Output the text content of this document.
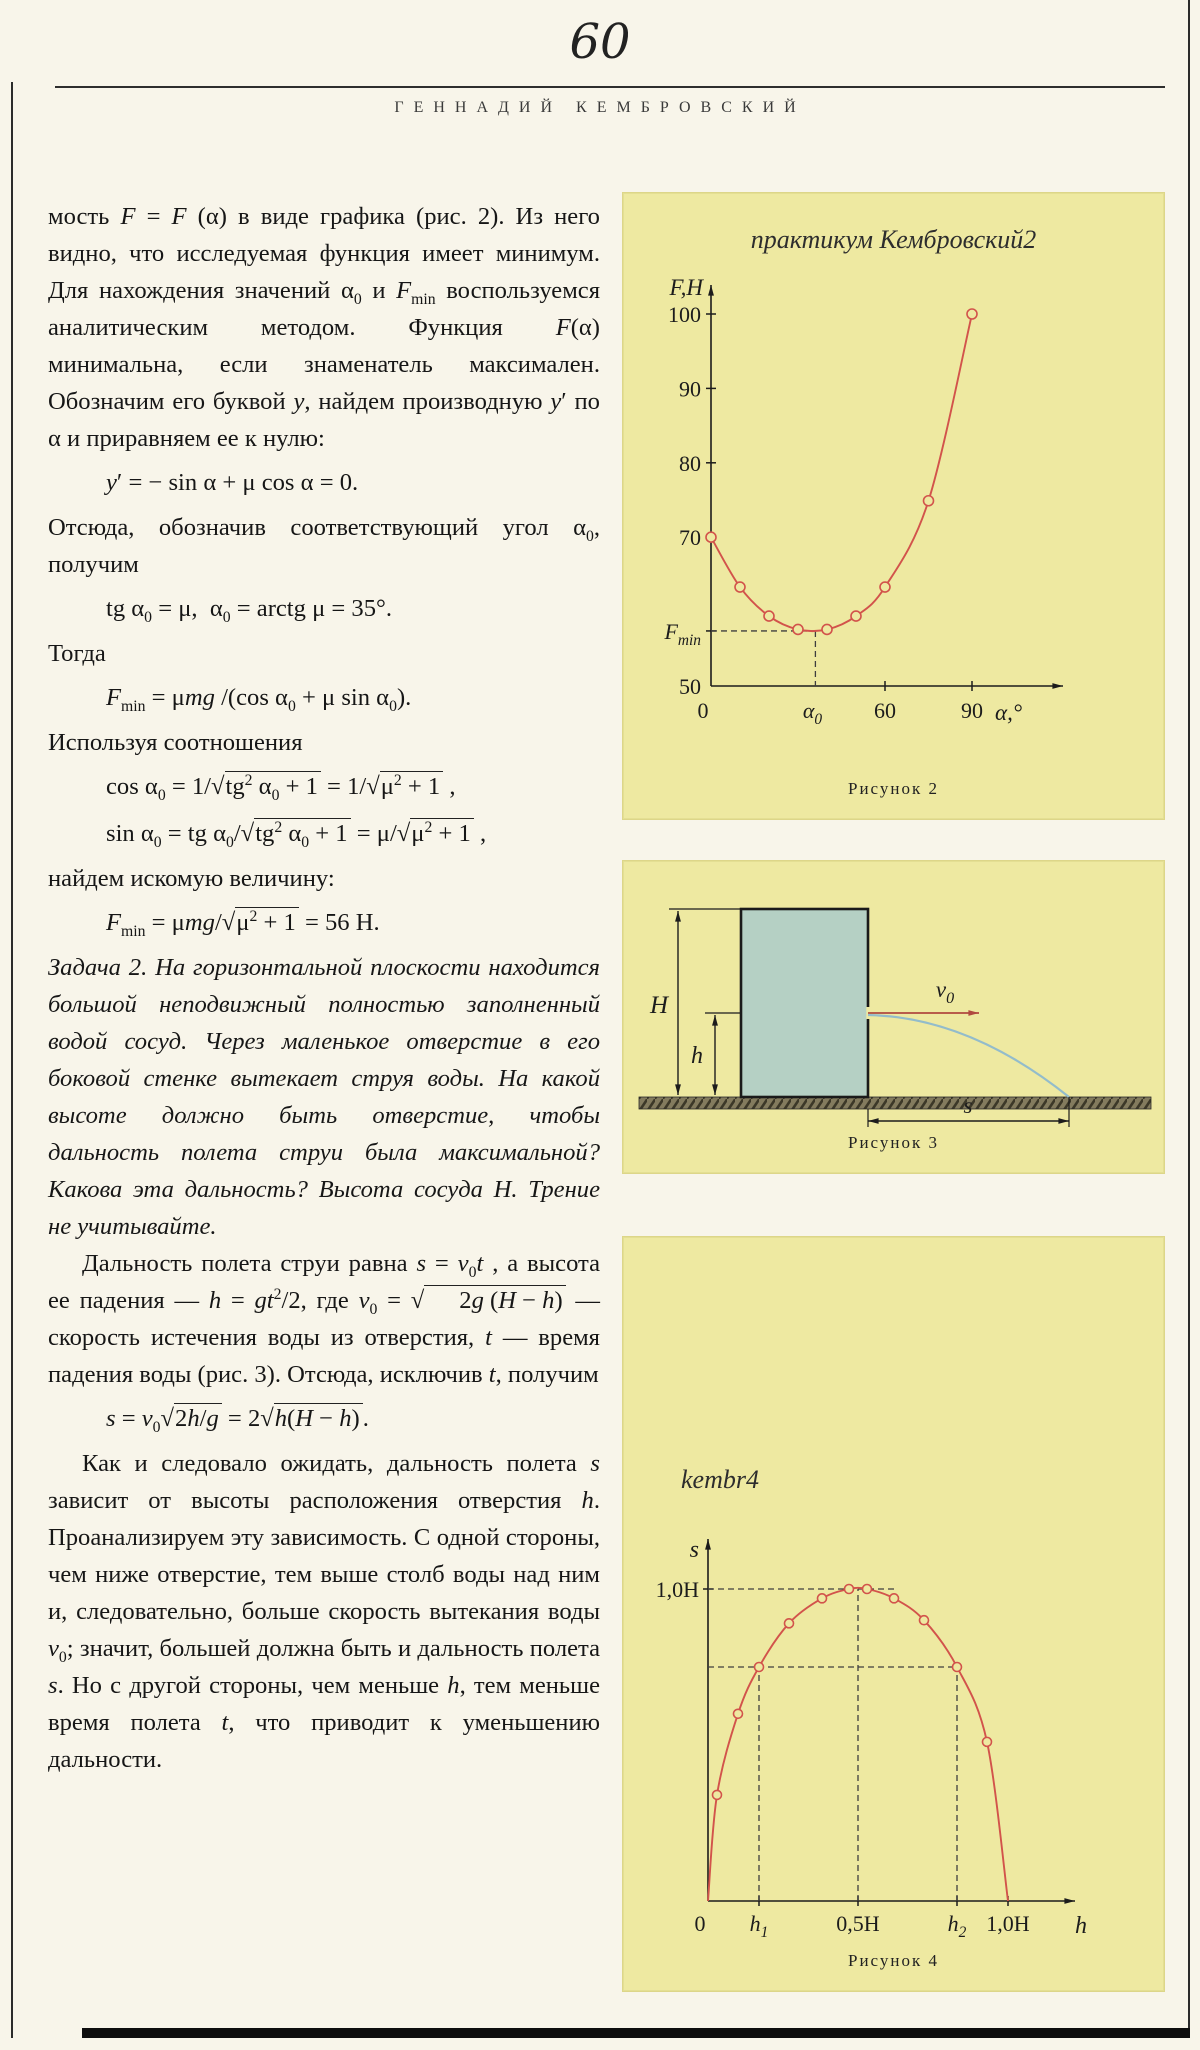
60
ГЕННАДИЙ КЕМБРОВСКИЙ

мость F = F (α) в виде графика (рис. 2). Из него видно, что исследуемая функция имеет минимум. Для нахождения значений $\alpha_0$ и $F_{min}$ воспользуемся аналитическим методом. Функция F(α) минимальна, если знаменатель максимален. Обозначим его буквой y, найдем производную y′ по α и приравняем ее к нулю:

y′ = − sin α + μ cos α = 0.

Отсюда, обозначив соответствующий угол $\alpha_0$, получим

tg $\alpha_0 = \mu$,  $\alpha_0$ = arctg μ = 35°.

Тогда

$F_{min} = \mu mg$ /(cos $\alpha_0 + \mu$ $\sin \alpha_0$).

Используя соотношения

$\cos \alpha_0 = 1/√tg^2$ $\alpha_0 + 1 = 1/√\mu^2 + 1$ ,

$\sin \alpha_0$ = tg $\alpha_0/√tg^2$ $\alpha_0 + 1 = \mu/√\mu^2 + 1$ ,

найдем искомую величину:

$F_{min} = \mu mg/√\mu^2 + 1 = 56$ Н.

Задача 2. На горизонтальной плоскости находится большой неподвижный полностью заполненный водой сосуд. Через маленькое отверстие в его боковой стенке вытекает струя воды. На какой высоте должно быть отверстие, чтобы дальность полета струи была максимальной? Какова эта дальность? Высота сосуда Н. Трение не учитывайте.

Дальность полета струи равна $s = v_0t$ , а высота ее падения — $h = gt^2/2$, где $v_0$ = √ 2g (H − h) — скорость истечения воды из отверстия, t — время падения воды (рис. 3). Отсюда, исключив t, получим

$s = v_0√2h/g = 2√h(H - h)$ .

Как и следовало ожидать, дальность полета s зависит от высоты расположения отверстия h. Проанализируем эту зависимость. С одной стороны, чем ниже отверстие, тем выше столб воды над ним и, следовательно, больше скорость вытекания воды $v_0$; значит, большей должна быть и дальность полета s. Но с другой стороны, чем меньше h, тем меньше время полета t, что приводит к уменьшению дальности.

практикум Кембровский2
F,Н
α,°
50
70
80
90
100
$F_{min}$
0	$\alpha_0$ 60	90
Рисунок 2
H
h
$v_0$
s
Рисунок 3
kembr4
s
h
1,0Н
0 $h_1$	0,5Н	$h_2$ 1,0Н
Рисунок 4
